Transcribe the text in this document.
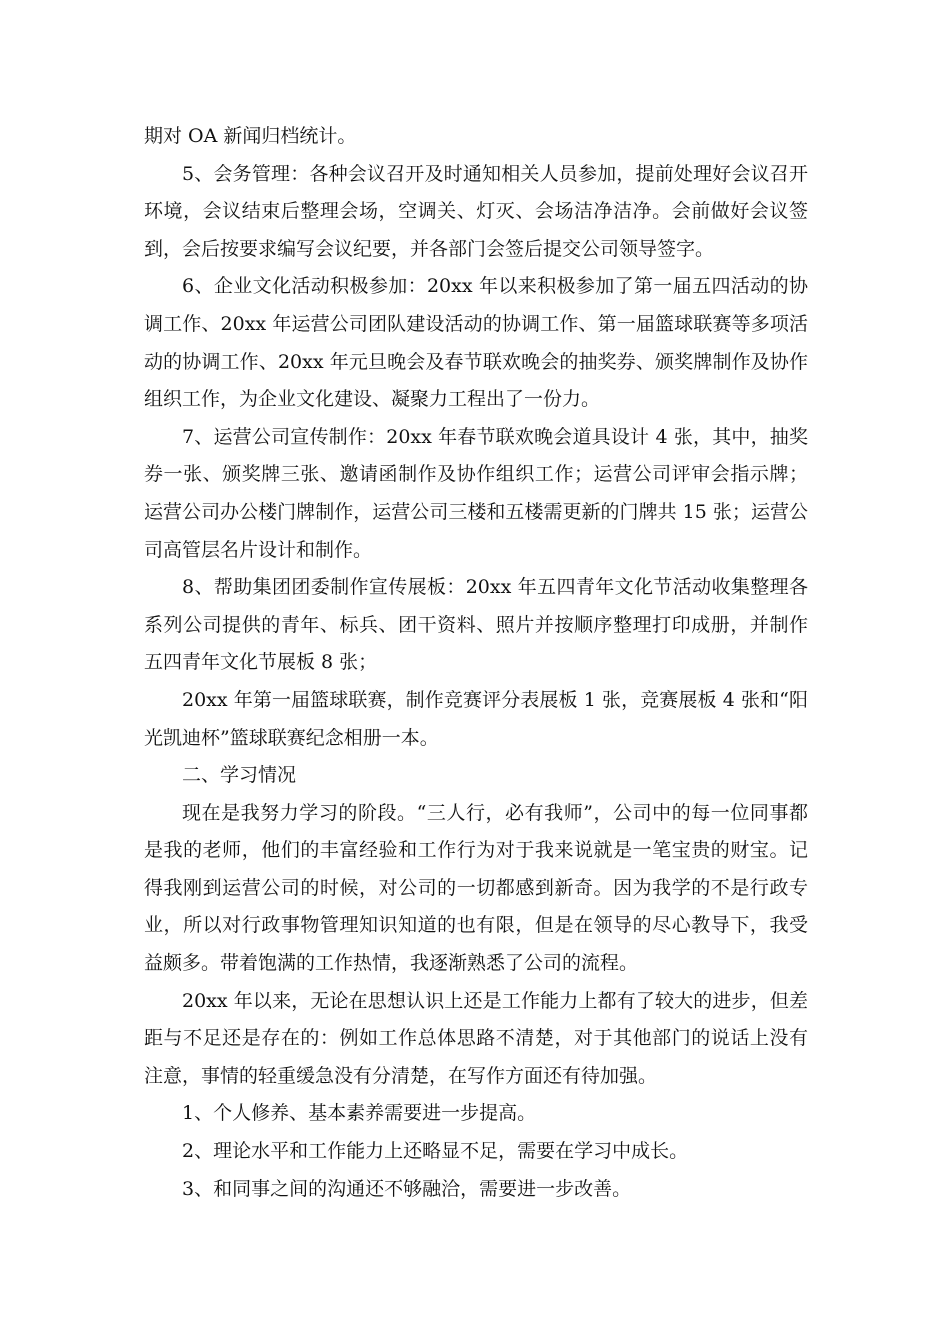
期对 OA 新闻归档统计。

5、会务管理：各种会议召开及时通知相关人员参加，提前处理好会议召开环境，会议结束后整理会场，空调关、灯灭、会场洁净洁净。会前做好会议签到，会后按要求编写会议纪要，并各部门会签后提交公司领导签字。

6、企业文化活动积极参加：20xx 年以来积极参加了第一届五四活动的协调工作、20xx 年运营公司团队建设活动的协调工作、第一届篮球联赛等多项活动的协调工作、20xx 年元旦晚会及春节联欢晚会的抽奖券、颁奖牌制作及协作组织工作，为企业文化建设、凝聚力工程出了一份力。

7、运营公司宣传制作：20xx 年春节联欢晚会道具设计 4 张，其中，抽奖券一张、颁奖牌三张、邀请函制作及协作组织工作；运营公司评审会指示牌；运营公司办公楼门牌制作，运营公司三楼和五楼需更新的门牌共 15 张；运营公司高管层名片设计和制作。

8、帮助集团团委制作宣传展板：20xx 年五四青年文化节活动收集整理各系列公司提供的青年、标兵、团干资料、照片并按顺序整理打印成册，并制作五四青年文化节展板 8 张；

20xx 年第一届篮球联赛，制作竞赛评分表展板 1 张，竞赛展板 4 张和“阳光凯迪杯”篮球联赛纪念相册一本。

二、学习情况

现在是我努力学习的阶段。“三人行，必有我师”，公司中的每一位同事都是我的老师，他们的丰富经验和工作行为对于我来说就是一笔宝贵的财宝。记得我刚到运营公司的时候，对公司的一切都感到新奇。因为我学的不是行政专业，所以对行政事物管理知识知道的也有限，但是在领导的尽心教导下，我受益颇多。带着饱满的工作热情，我逐渐熟悉了公司的流程。

20xx 年以来，无论在思想认识上还是工作能力上都有了较大的进步，但差距与不足还是存在的：例如工作总体思路不清楚，对于其他部门的说话上没有注意，事情的轻重缓急没有分清楚，在写作方面还有待加强。

1、个人修养、基本素养需要进一步提高。

2、理论水平和工作能力上还略显不足，需要在学习中成长。

3、和同事之间的沟通还不够融洽，需要进一步改善。
